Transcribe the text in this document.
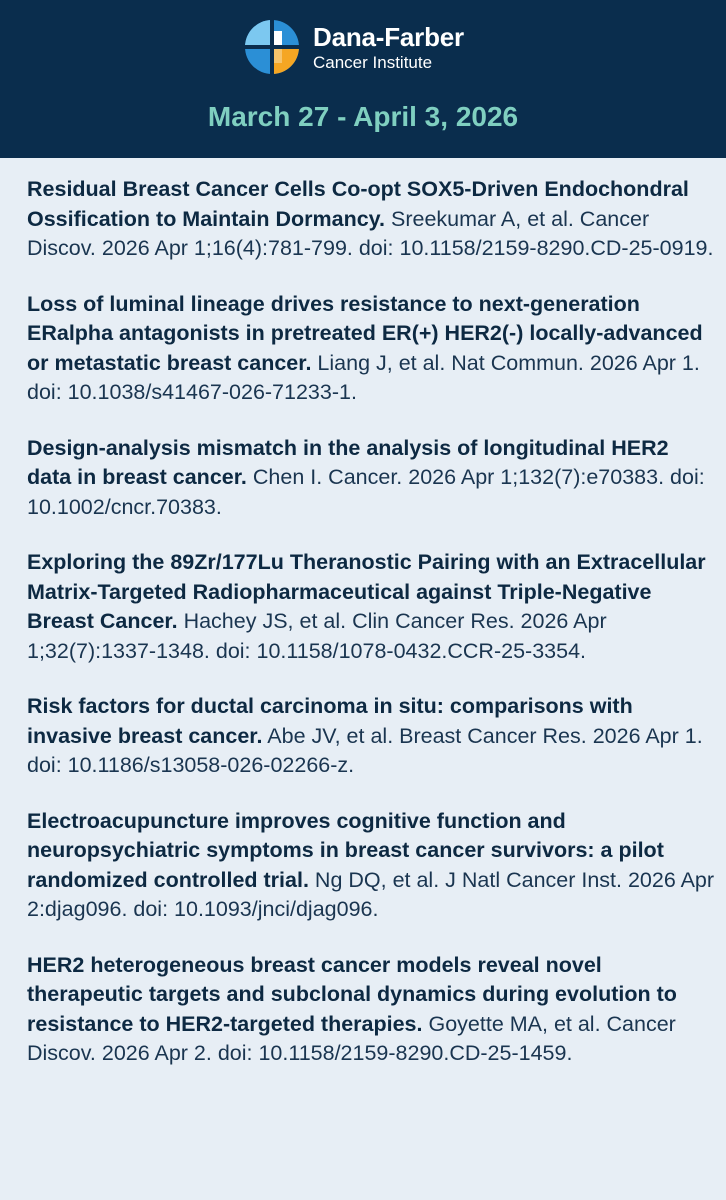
Dana-Farber
Cancer Institute
March 27 - April 3, 2026

Residual Breast Cancer Cells Co-opt SOX5-Driven Endochondral Ossification to Maintain Dormancy. Sreekumar A, et al. Cancer Discov. 2026 Apr 1;16(4):781-799. doi: 10.1158/2159-8290.CD-25-0919.

Loss of luminal lineage drives resistance to next-generation ERalpha antagonists in pretreated ER(+) HER2(-) locally-advanced or metastatic breast cancer. Liang J, et al. Nat Commun. 2026 Apr 1. doi: 10.1038/s41467-026-71233-1.

Design-analysis mismatch in the analysis of longitudinal HER2 data in breast cancer. Chen I. Cancer. 2026 Apr 1;132(7):e70383. doi: 10.1002/cncr.70383.

Exploring the 89Zr/177Lu Theranostic Pairing with an Extracellular Matrix-Targeted Radiopharmaceutical against Triple-Negative Breast Cancer. Hachey JS, et al. Clin Cancer Res. 2026 Apr 1;32(7):1337-1348. doi: 10.1158/1078-0432.CCR-25-3354.

Risk factors for ductal carcinoma in situ: comparisons with invasive breast cancer. Abe JV, et al. Breast Cancer Res. 2026 Apr 1. doi: 10.1186/s13058-026-02266-z.

Electroacupuncture improves cognitive function and neuropsychiatric symptoms in breast cancer survivors: a pilot randomized controlled trial. Ng DQ, et al. J Natl Cancer Inst. 2026 Apr 2:djag096. doi: 10.1093/jnci/djag096.

HER2 heterogeneous breast cancer models reveal novel therapeutic targets and subclonal dynamics during evolution to resistance to HER2-targeted therapies. Goyette MA, et al. Cancer Discov. 2026 Apr 2. doi: 10.1158/2159-8290.CD-25-1459.
